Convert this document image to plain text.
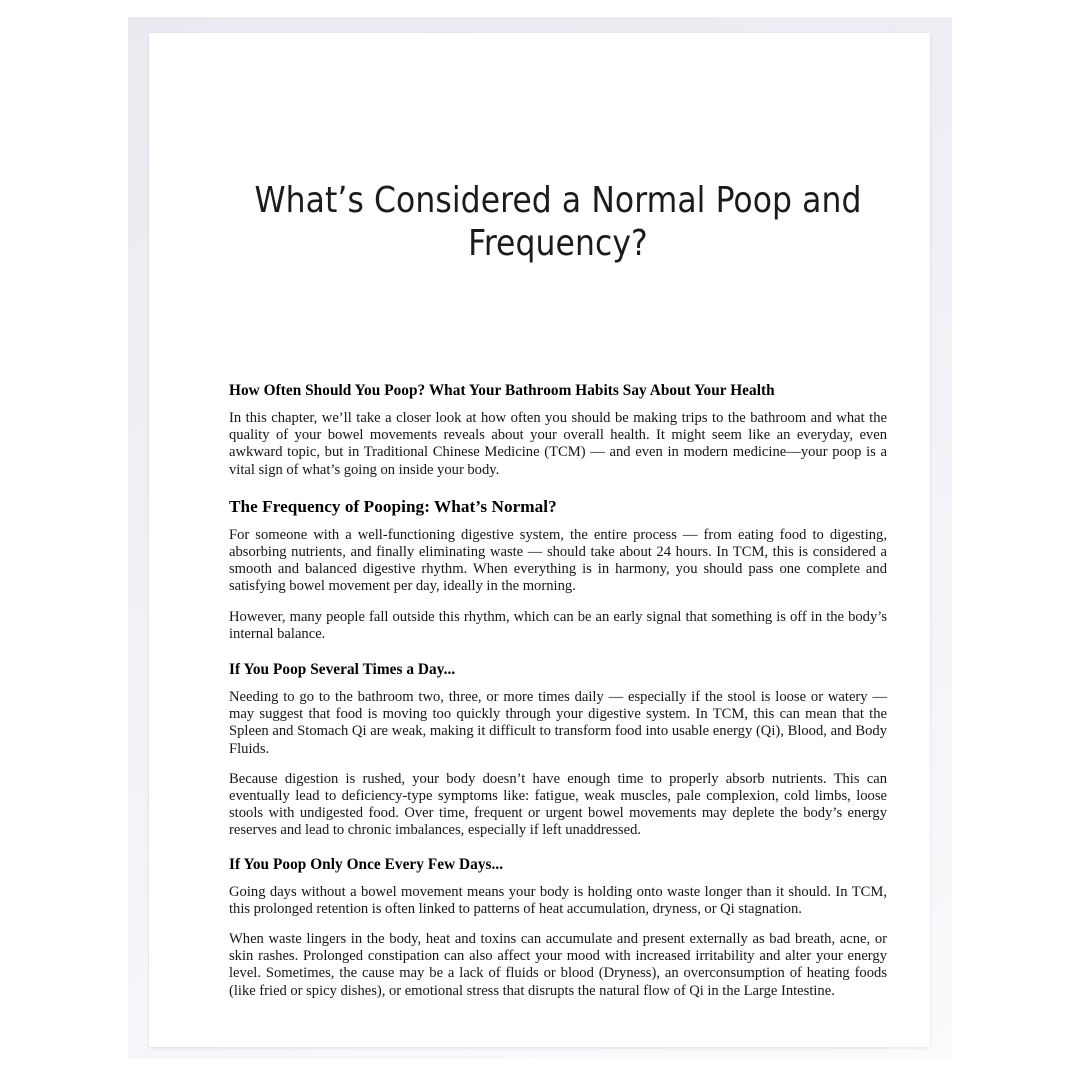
What’s Considered a Normal Poop and Frequency?
How Often Should You Poop? What Your Bathroom Habits Say About Your Health

In this chapter, we’ll take a closer look at how often you should be making trips to the bathroom and what the quality of your bowel movements reveals about your overall health. It might seem like an everyday, even awkward topic, but in Traditional Chinese Medicine (TCM) — and even in modern medicine—your poop is a vital sign of what’s going on inside your body.

The Frequency of Pooping: What’s Normal?

For someone with a well-functioning digestive system, the entire process — from eating food to digesting, absorbing nutrients, and finally eliminating waste — should take about 24 hours. In TCM, this is considered a smooth and balanced digestive rhythm. When everything is in harmony, you should pass one complete and satisfying bowel movement per day, ideally in the morning.

However, many people fall outside this rhythm, which can be an early signal that something is off in the body’s internal balance.

If You Poop Several Times a Day...

Needing to go to the bathroom two, three, or more times daily — especially if the stool is loose or watery — may suggest that food is moving too quickly through your digestive system. In TCM, this can mean that the Spleen and Stomach Qi are weak, making it difficult to transform food into usable energy (Qi), Blood, and Body Fluids.

Because digestion is rushed, your body doesn’t have enough time to properly absorb nutrients. This can eventually lead to deficiency-type symptoms like: fatigue, weak muscles, pale complexion, cold limbs, loose stools with undigested food. Over time, frequent or urgent bowel movements may deplete the body’s energy reserves and lead to chronic imbalances, especially if left unaddressed.

If You Poop Only Once Every Few Days...

Going days without a bowel movement means your body is holding onto waste longer than it should. In TCM, this prolonged retention is often linked to patterns of heat accumulation, dryness, or Qi stagnation.

When waste lingers in the body, heat and toxins can accumulate and present externally as bad breath, acne, or skin rashes. Prolonged constipation can also affect your mood with increased irritability and alter your energy level. Sometimes, the cause may be a lack of fluids or blood (Dryness), an overconsumption of heating foods (like fried or spicy dishes), or emotional stress that disrupts the natural flow of Qi in the Large Intestine.
